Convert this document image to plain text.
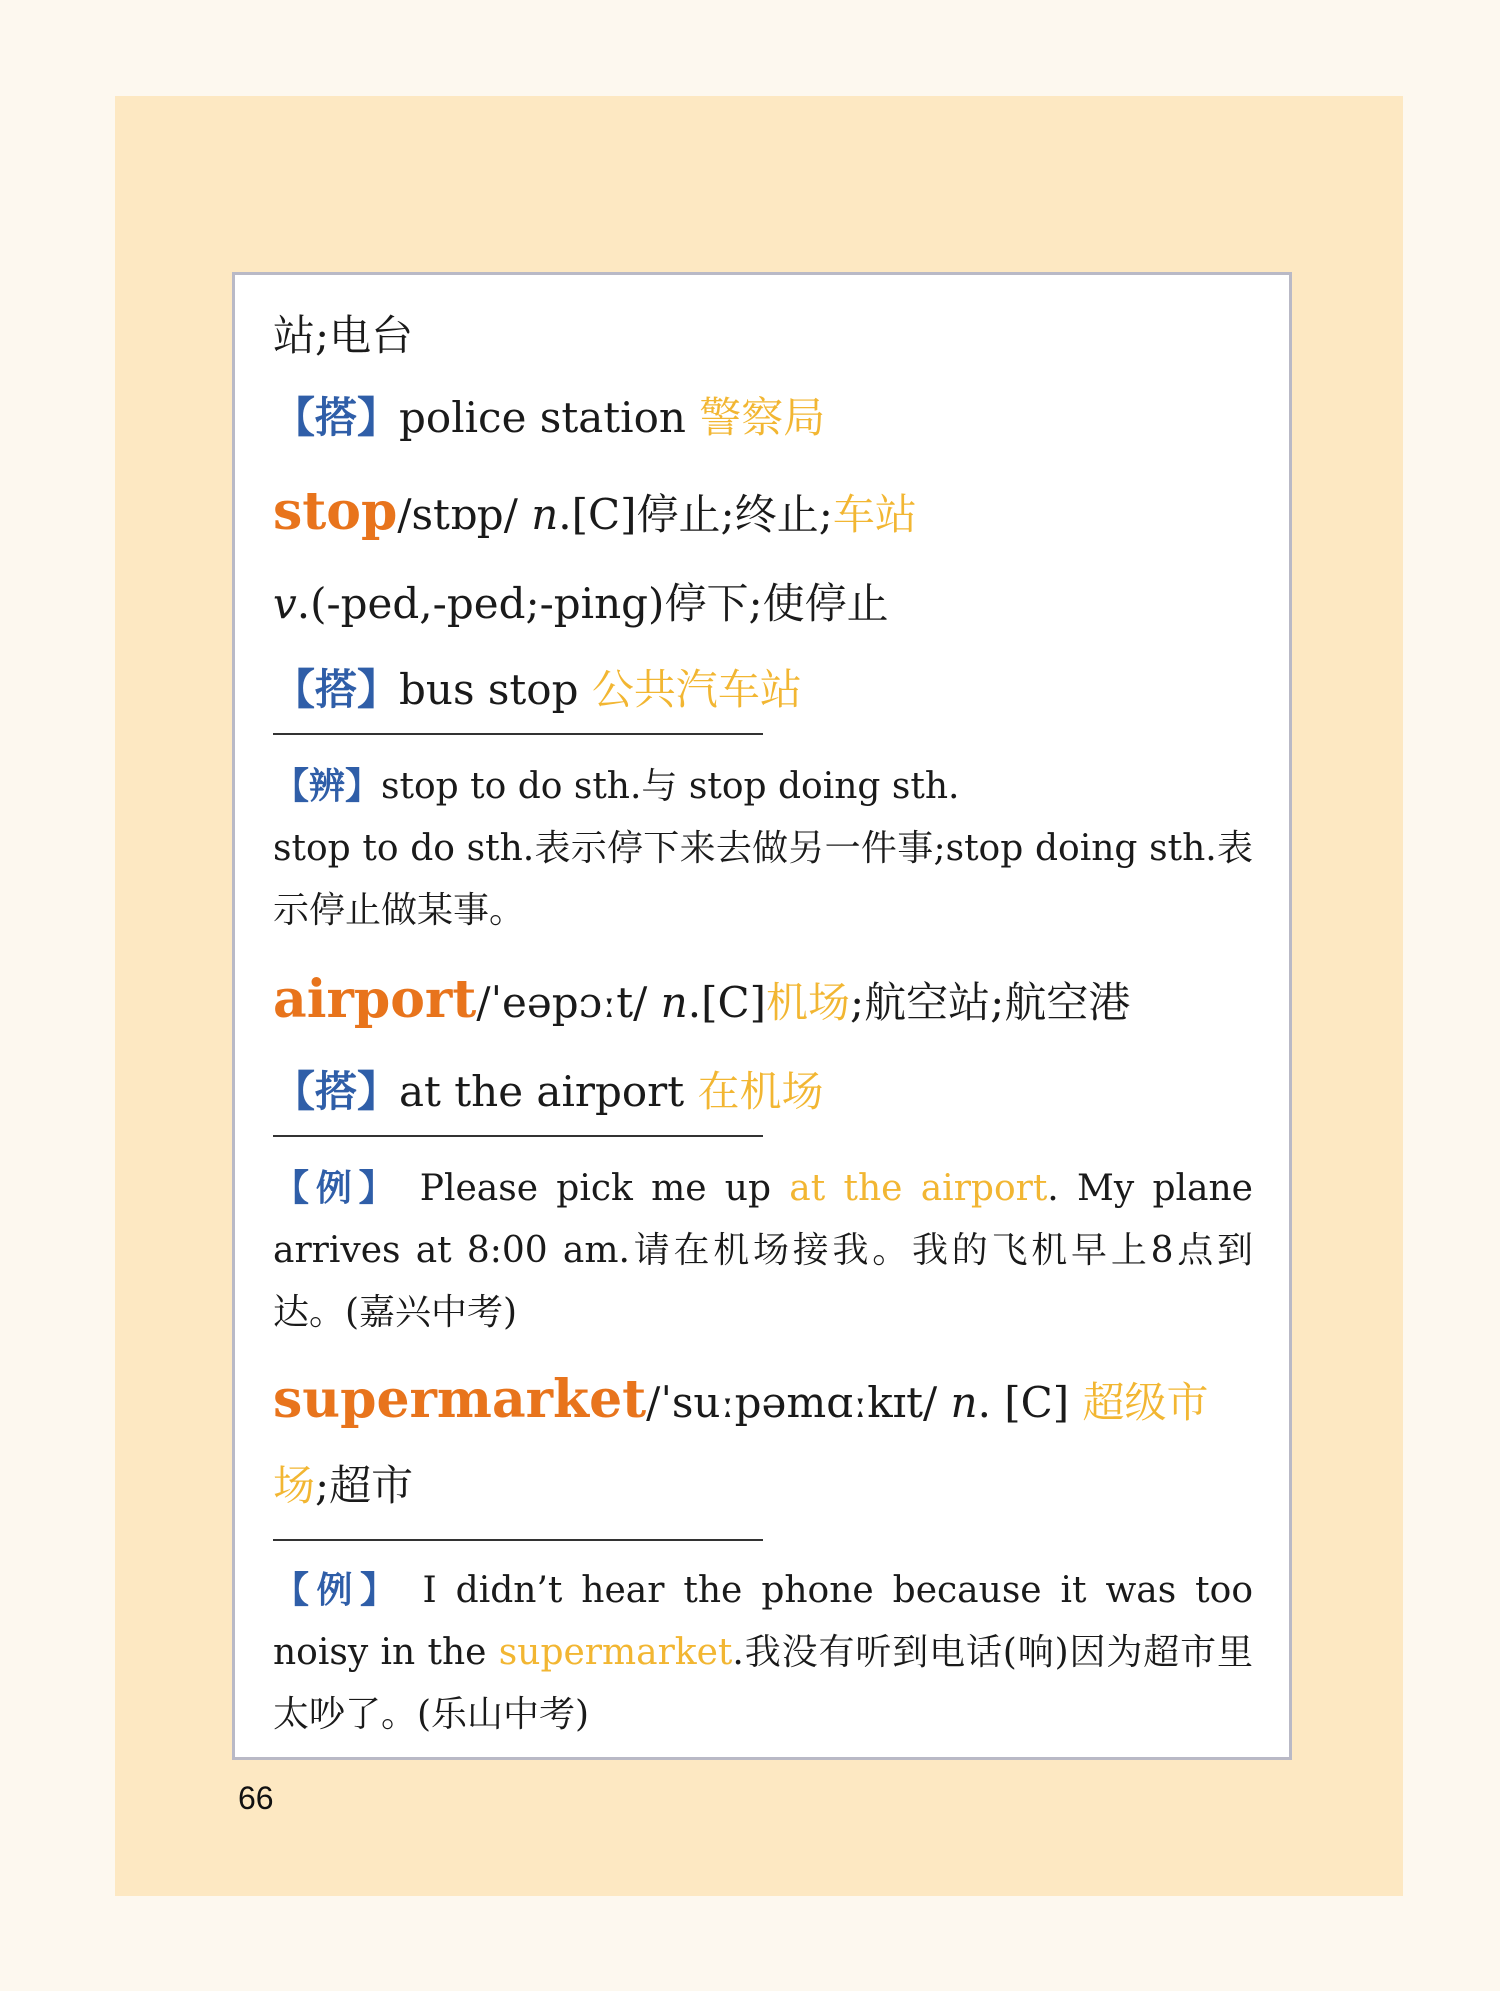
站;电台
【搭】police station 警察局
stop/stɒp/ n.[C]停止;终止;车站
v.(-ped,-ped;-ping)停下;使停止
【搭】bus stop 公共汽车站
【辨】stop to do sth.与 stop doing sth.
stop to do sth.表示停下来去做另一件事;stop doing sth.表示停止做某事。
airport/ˈeəpɔːt/ n.[C]机场;航空站;航空港
【搭】at the airport 在机场
【例】 Please pick me up at the airport. My plane arrives at 8:00 am.请在机场接我。我的飞机早上8点到达。(嘉兴中考)
supermarket/ˈsuːpəmɑːkɪt/ n. [C] 超级市
场;超市
【例】 I didn’t hear the phone because it was too noisy in the supermarket.我没有听到电话(响)因为超市里太吵了。(乐山中考)
66
